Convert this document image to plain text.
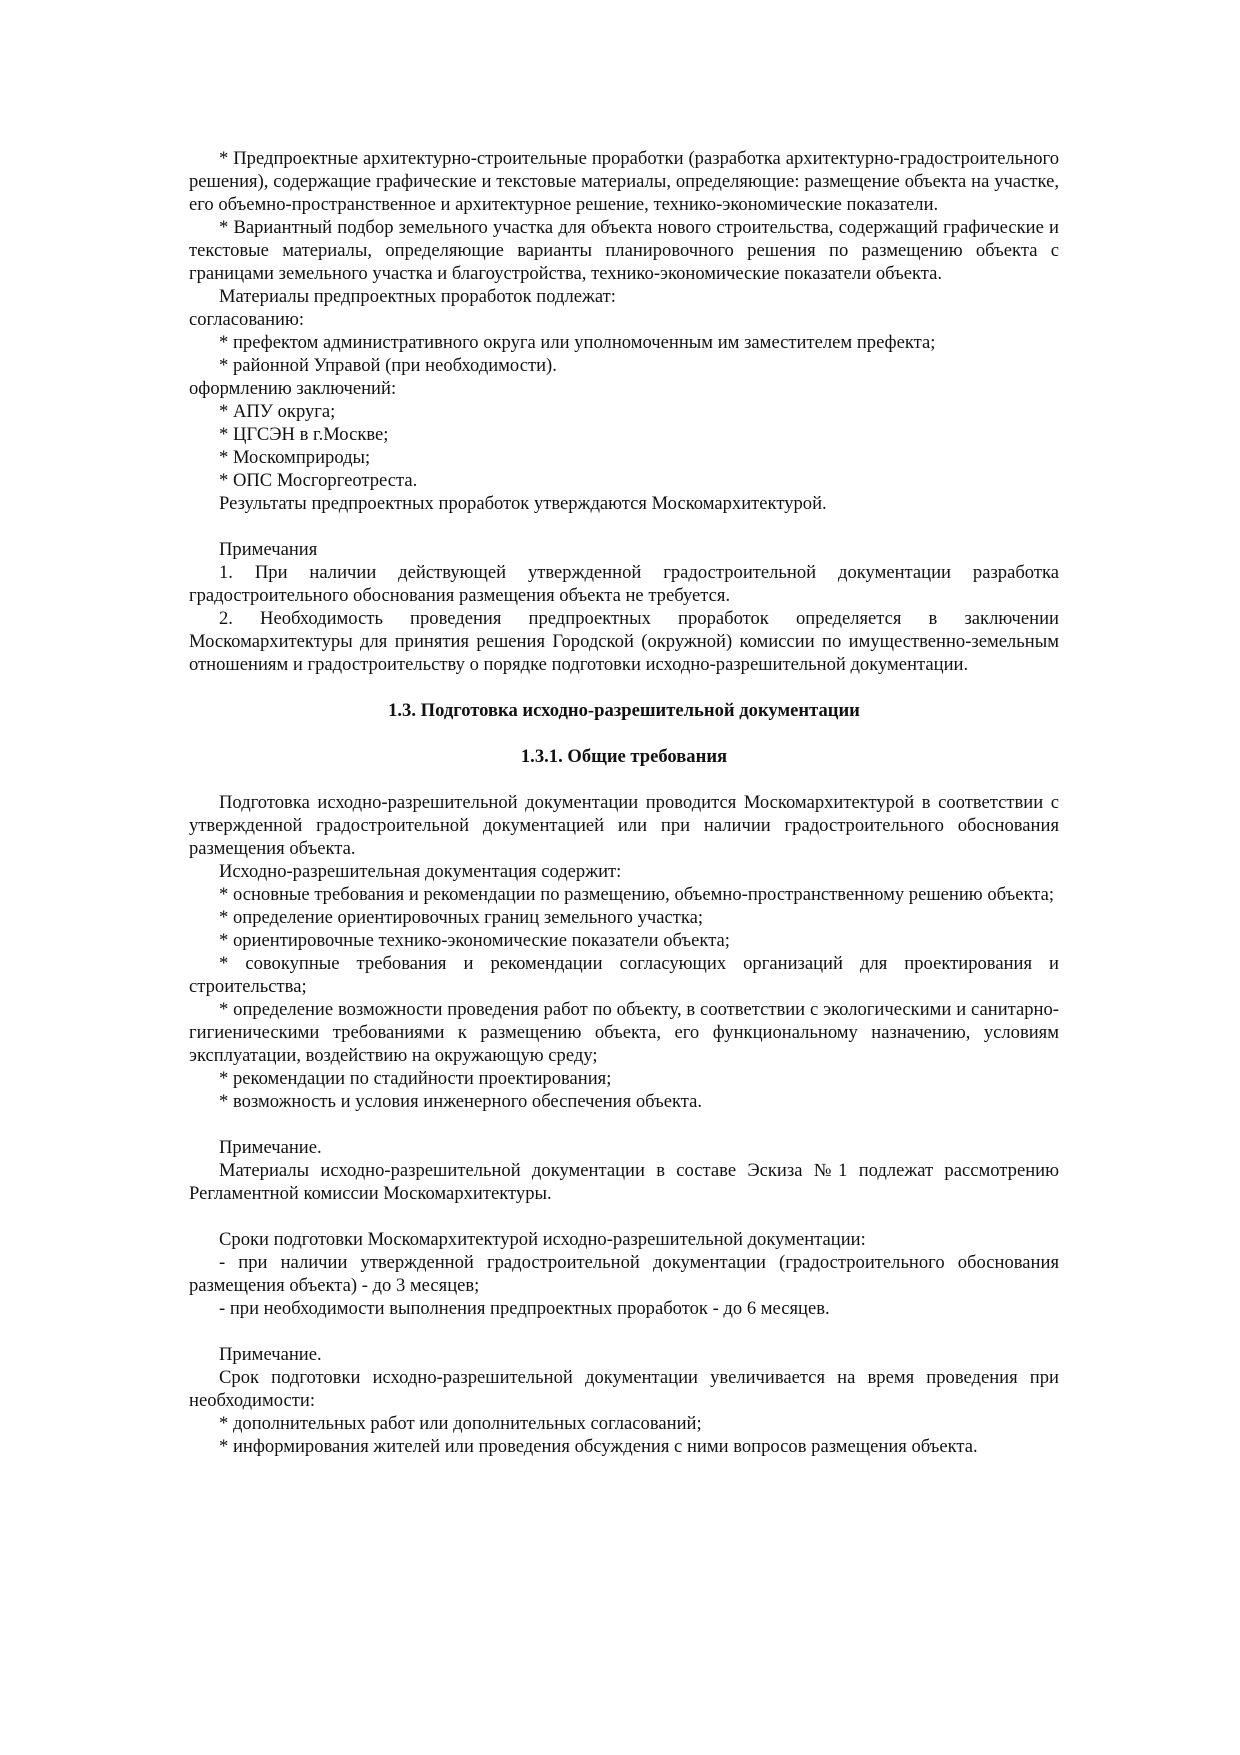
* Предпроектные архитектурно-строительные проработки (разработка архитектурно-градостроительного решения), содержащие графические и текстовые материалы, определяющие: размещение объекта на участке, его объемно-пространственное и архитектурное решение, технико-экономические показатели.

* Вариантный подбор земельного участка для объекта нового строительства, содержащий графические и текстовые материалы, определяющие варианты планировочного решения по размещению объекта с границами земельного участка и благоустройства, технико-экономические показатели объекта.

Материалы предпроектных проработок подлежат:

согласованию:

* префектом административного округа или уполномоченным им заместителем префекта;

* районной Управой (при необходимости).

оформлению заключений:

* АПУ округа;

* ЦГСЭН в г.Москве;

* Москомприроды;

* ОПС Мосгоргеотреста.

Результаты предпроектных проработок утверждаются Москомархитектурой.

Примечания

1. При наличии действующей утвержденной градостроительной документации разработка градостроительного обоснования размещения объекта не требуется.

2. Необходимость проведения предпроектных проработок определяется в заключении Москомархитектуры для принятия решения Городской (окружной) комиссии по имущественно-земельным отношениям и градостроительству о порядке подготовки исходно-разрешительной документации.

1.3. Подготовка исходно-разрешительной документации

1.3.1. Общие требования

Подготовка исходно-разрешительной документации проводится Москомархитектурой в соответствии с утвержденной градостроительной документацией или при наличии градостроительного обоснования размещения объекта.

Исходно-разрешительная документация содержит:

* основные требования и рекомендации по размещению, объемно-пространственному решению объекта;

* определение ориентировочных границ земельного участка;

* ориентировочные технико-экономические показатели объекта;

* совокупные требования и рекомендации согласующих организаций для проектирования и строительства;

* определение возможности проведения работ по объекту, в соответствии с экологическими и санитарно-гигиеническими требованиями к размещению объекта, его функциональному назначению, условиям эксплуатации, воздействию на окружающую среду;

* рекомендации по стадийности проектирования;

* возможность и условия инженерного обеспечения объекта.

Примечание.

Материалы исходно-разрешительной документации в составе Эскиза №1 подлежат рассмотрению Регламентной комиссии Москомархитектуры.

Сроки подготовки Москомархитектурой исходно-разрешительной документации:

- при наличии утвержденной градостроительной документации (градостроительного обоснования размещения объекта) - до 3 месяцев;

- при необходимости выполнения предпроектных проработок - до 6 месяцев.

Примечание.

Срок подготовки исходно-разрешительной документации увеличивается на время проведения при необходимости:

* дополнительных работ или дополнительных согласований;

* информирования жителей или проведения обсуждения с ними вопросов размещения объекта.
